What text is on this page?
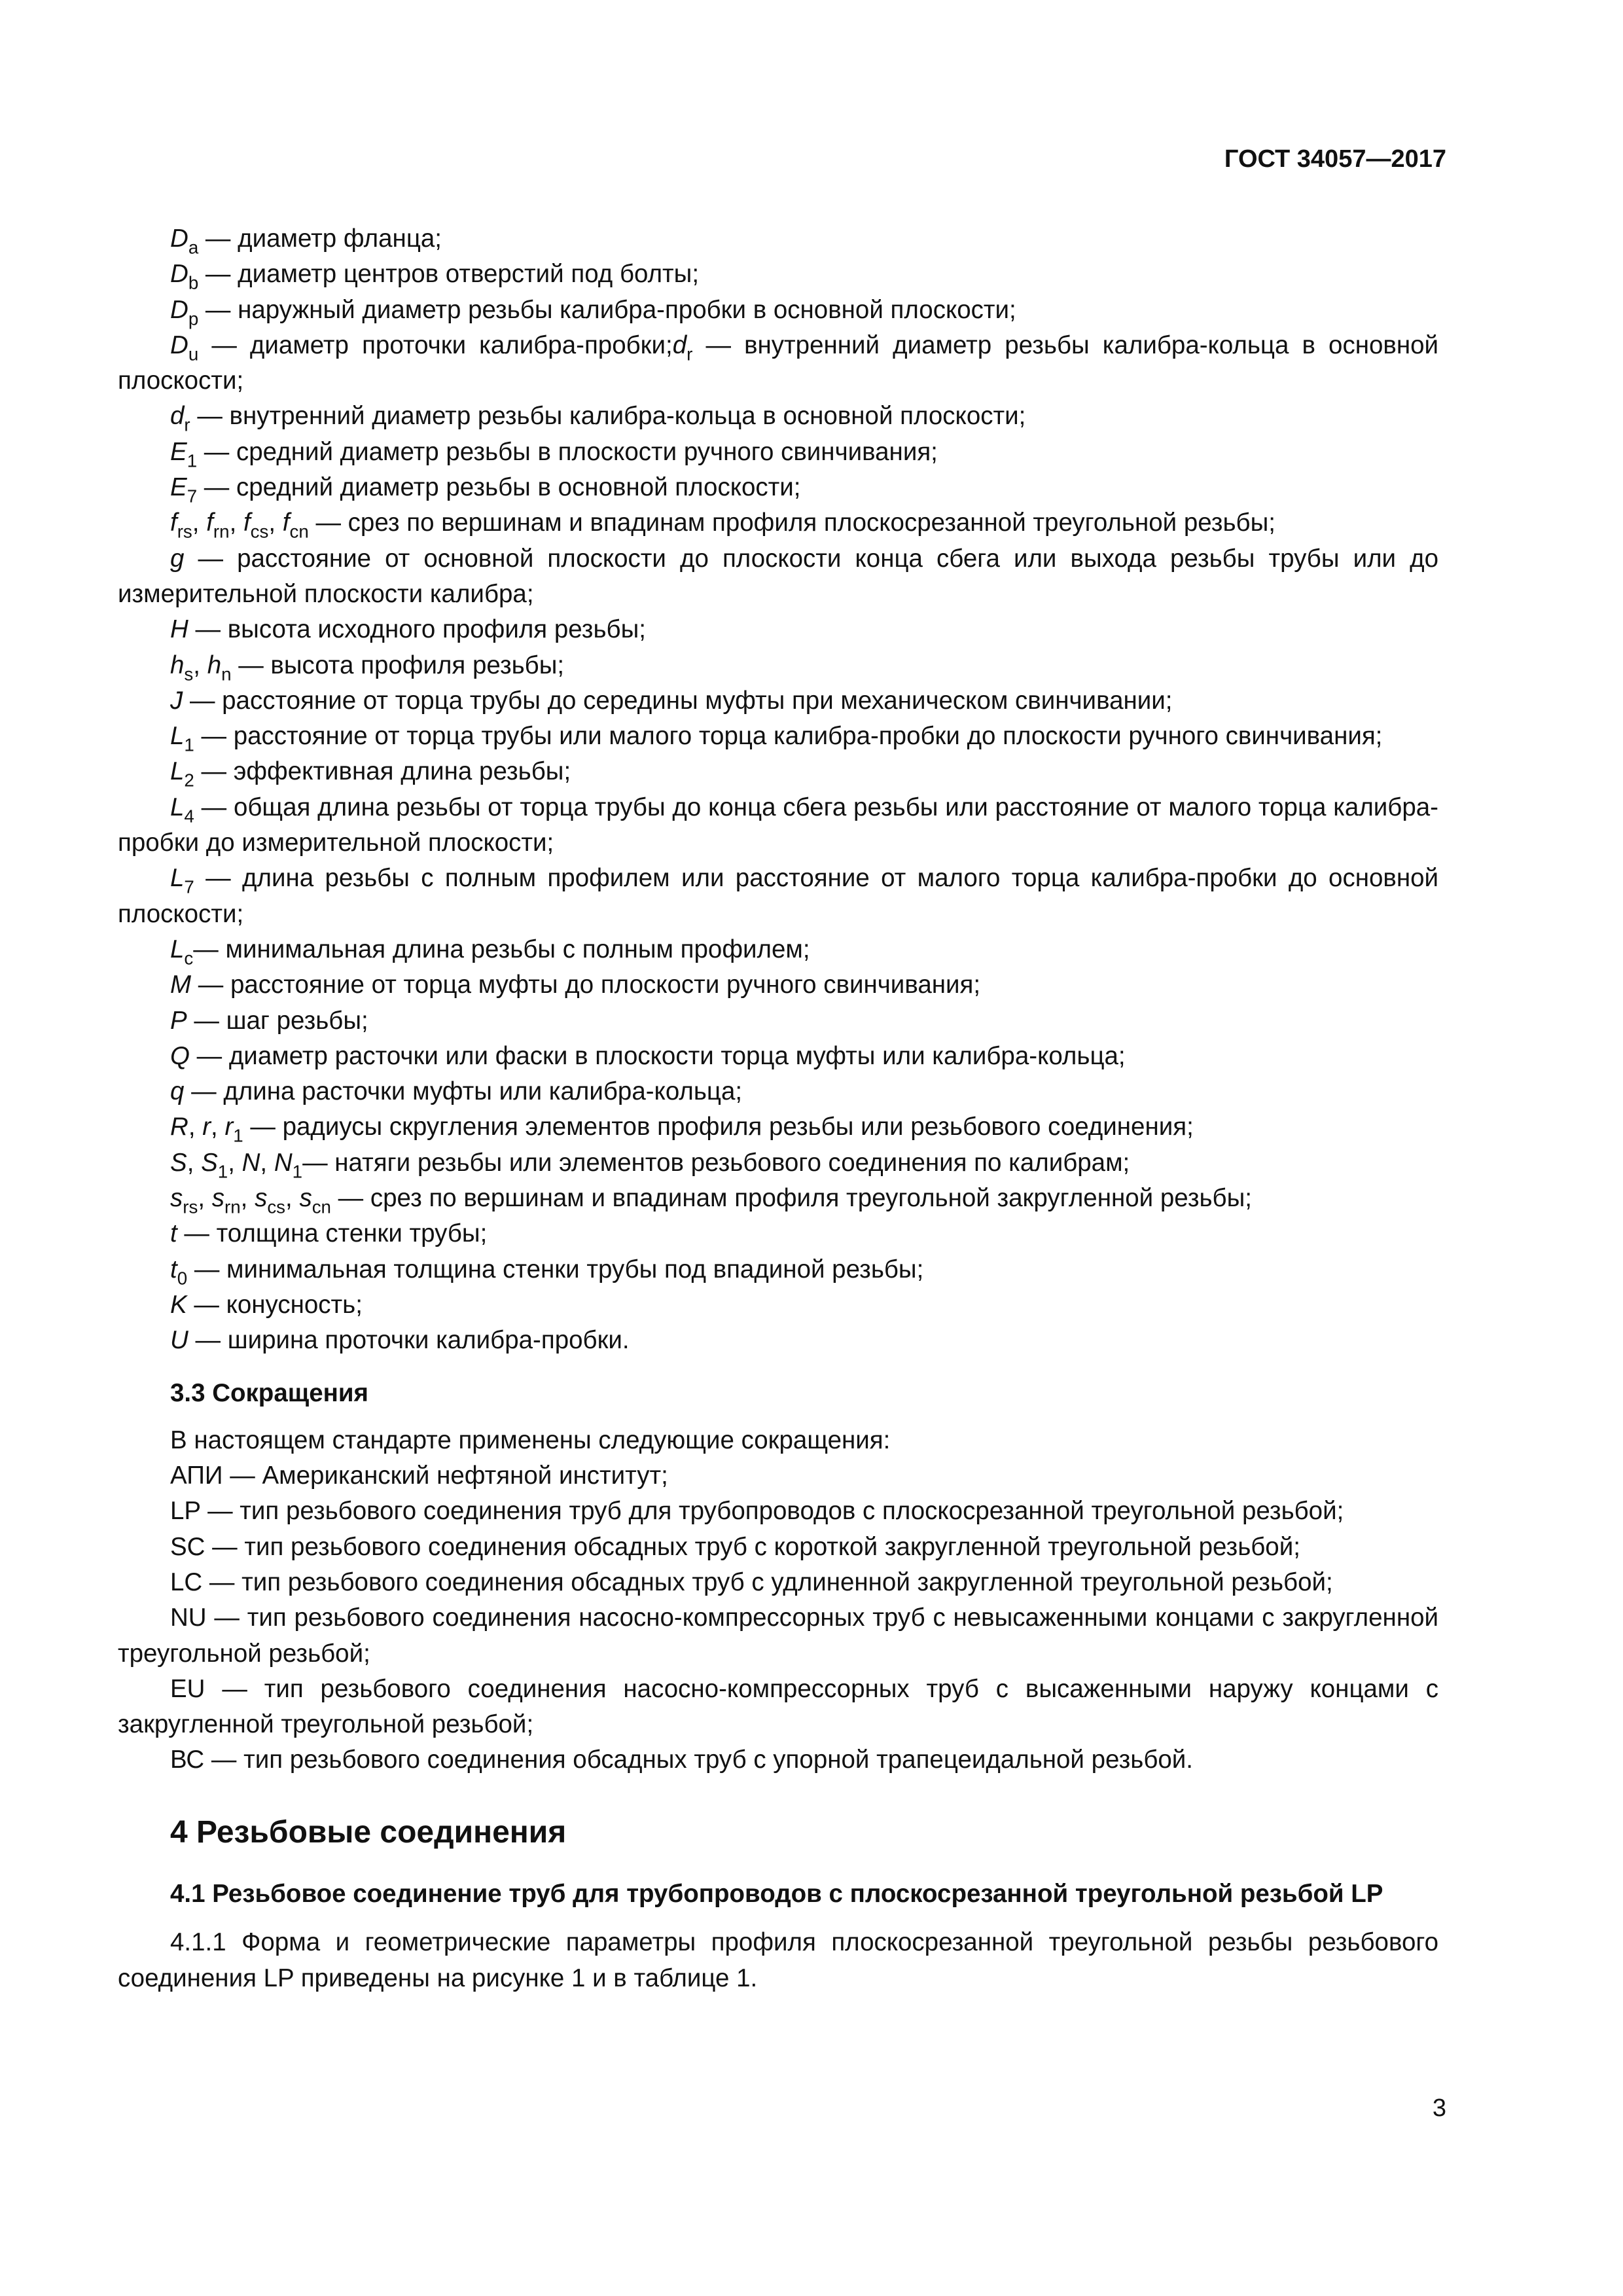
ГОСТ 34057—2017

$D_a$ — диаметр фланца;

$D_b$ — диаметр центров отверстий под болты;

$D_p$ — наружный диаметр резьбы калибра-пробки в основной плоскости;

$D_u$ — диаметр проточки калибра-$пробки;d_r$ — внутренний диаметр резьбы калибра-кольца в основной плоскости;

$d_r$ — внутренний диаметр резьбы калибра-кольца в основной плоскости;

$E_1$ — средний диаметр резьбы в плоскости ручного свинчивания;

$E_7$ — средний диаметр резьбы в основной плоскости;

$f_{rs}$, $f_{rn}$, $f_{cs}$, $f_{cn}$ — срез по вершинам и впадинам профиля плоскосрезанной треугольной резьбы;

g — расстояние от основной плоскости до плоскости конца сбега или выхода резьбы трубы или до измерительной плоскости калибра;

H — высота исходного профиля резьбы;

$h_s$, $h_n$ — высота профиля резьбы;

J — расстояние от торца трубы до середины муфты при механическом свинчивании;

$L_1$ — расстояние от торца трубы или малого торца калибра-пробки до плоскости ручного свинчивания;

$L_2$ — эффективная длина резьбы;

$L_4$ — общая длина резьбы от торца трубы до конца сбега резьбы или расстояние от малого торца калибра-пробки до измерительной плоскости;

$L_7$ — длина резьбы с полным профилем или расстояние от малого торца калибра-пробки до основной плоскости;

$L_c—$ минимальная длина резьбы с полным профилем;

M — расстояние от торца муфты до плоскости ручного свинчивания;

P — шаг резьбы;

Q — диаметр расточки или фаски в плоскости торца муфты или калибра-кольца;

q — длина расточки муфты или калибра-кольца;

R, r, $r_1$ — радиусы скругления элементов профиля резьбы или резьбового соединения;

S, $S_1$, N, $N_1—$ натяги резьбы или элементов резьбового соединения по калибрам;

$s_{rs}$, $s_{rn}$, $s_{cs}$, $s_{cn}$ — срез по вершинам и впадинам профиля треугольной закругленной резьбы;

t — толщина стенки трубы;

$t_0$ — минимальная толщина стенки трубы под впадиной резьбы;

K — конусность;

U — ширина проточки калибра-пробки.

3.3 Сокращения

В настоящем стандарте применены следующие сокращения:

АПИ — Американский нефтяной институт;

LP — тип резьбового соединения труб для трубопроводов с плоскосрезанной треугольной резьбой;

SC — тип резьбового соединения обсадных труб с короткой закругленной треугольной резьбой;

LC — тип резьбового соединения обсадных труб с удлиненной закругленной треугольной резьбой;

NU — тип резьбового соединения насосно-компрессорных труб с невысаженными концами с закругленной треугольной резьбой;

EU — тип резьбового соединения насосно-компрессорных труб с высаженными наружу концами с закругленной треугольной резьбой;

ВС — тип резьбового соединения обсадных труб с упорной трапецеидальной резьбой.

4 Резьбовые соединения

4.1 Резьбовое соединение труб для трубопроводов с плоскосрезанной треугольной резьбой LP

4.1.1 Форма и геометрические параметры профиля плоскосрезанной треугольной резьбы резьбового соединения LP приведены на рисунке 1 и в таблице 1.

3
